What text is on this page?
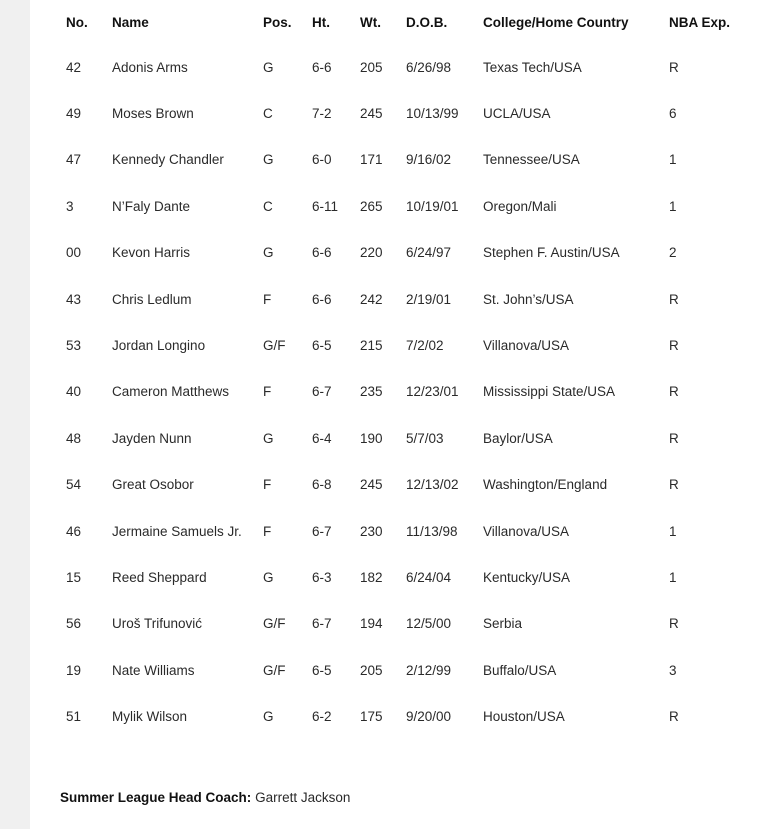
No.	Name	Pos.	Ht.	Wt.	D.O.B.	College/Home Country	NBA Exp.
42	Adonis Arms	G	6-6	205	6/26/98	Texas Tech/USA	R
49	Moses Brown	C	7-2	245	10/13/99	UCLA/USA	6
47	Kennedy Chandler	G	6-0	171	9/16/02	Tennessee/USA	1
3	N’Faly Dante	C	6-11	265	10/19/01	Oregon/Mali	1
00	Kevon Harris	G	6-6	220	6/24/97	Stephen F. Austin/USA	2
43	Chris Ledlum	F	6-6	242	2/19/01	St. John’s/USA	R
53	Jordan Longino	G/F	6-5	215	7/2/02	Villanova/USA	R
40	Cameron Matthews	F	6-7	235	12/23/01	Mississippi State/USA	R
48	Jayden Nunn	G	6-4	190	5/7/03	Baylor/USA	R
54	Great Osobor	F	6-8	245	12/13/02	Washington/England	R
46	Jermaine Samuels Jr.	F	6-7	230	11/13/98	Villanova/USA	1
15	Reed Sheppard	G	6-3	182	6/24/04	Kentucky/USA	1
56	Uroš Trifunović	G/F	6-7	194	12/5/00	Serbia	R
19	Nate Williams	G/F	6-5	205	2/12/99	Buffalo/USA	3
51	Mylik Wilson	G	6-2	175	9/20/00	Houston/USA	R
Summer League Head Coach: Garrett Jackson
